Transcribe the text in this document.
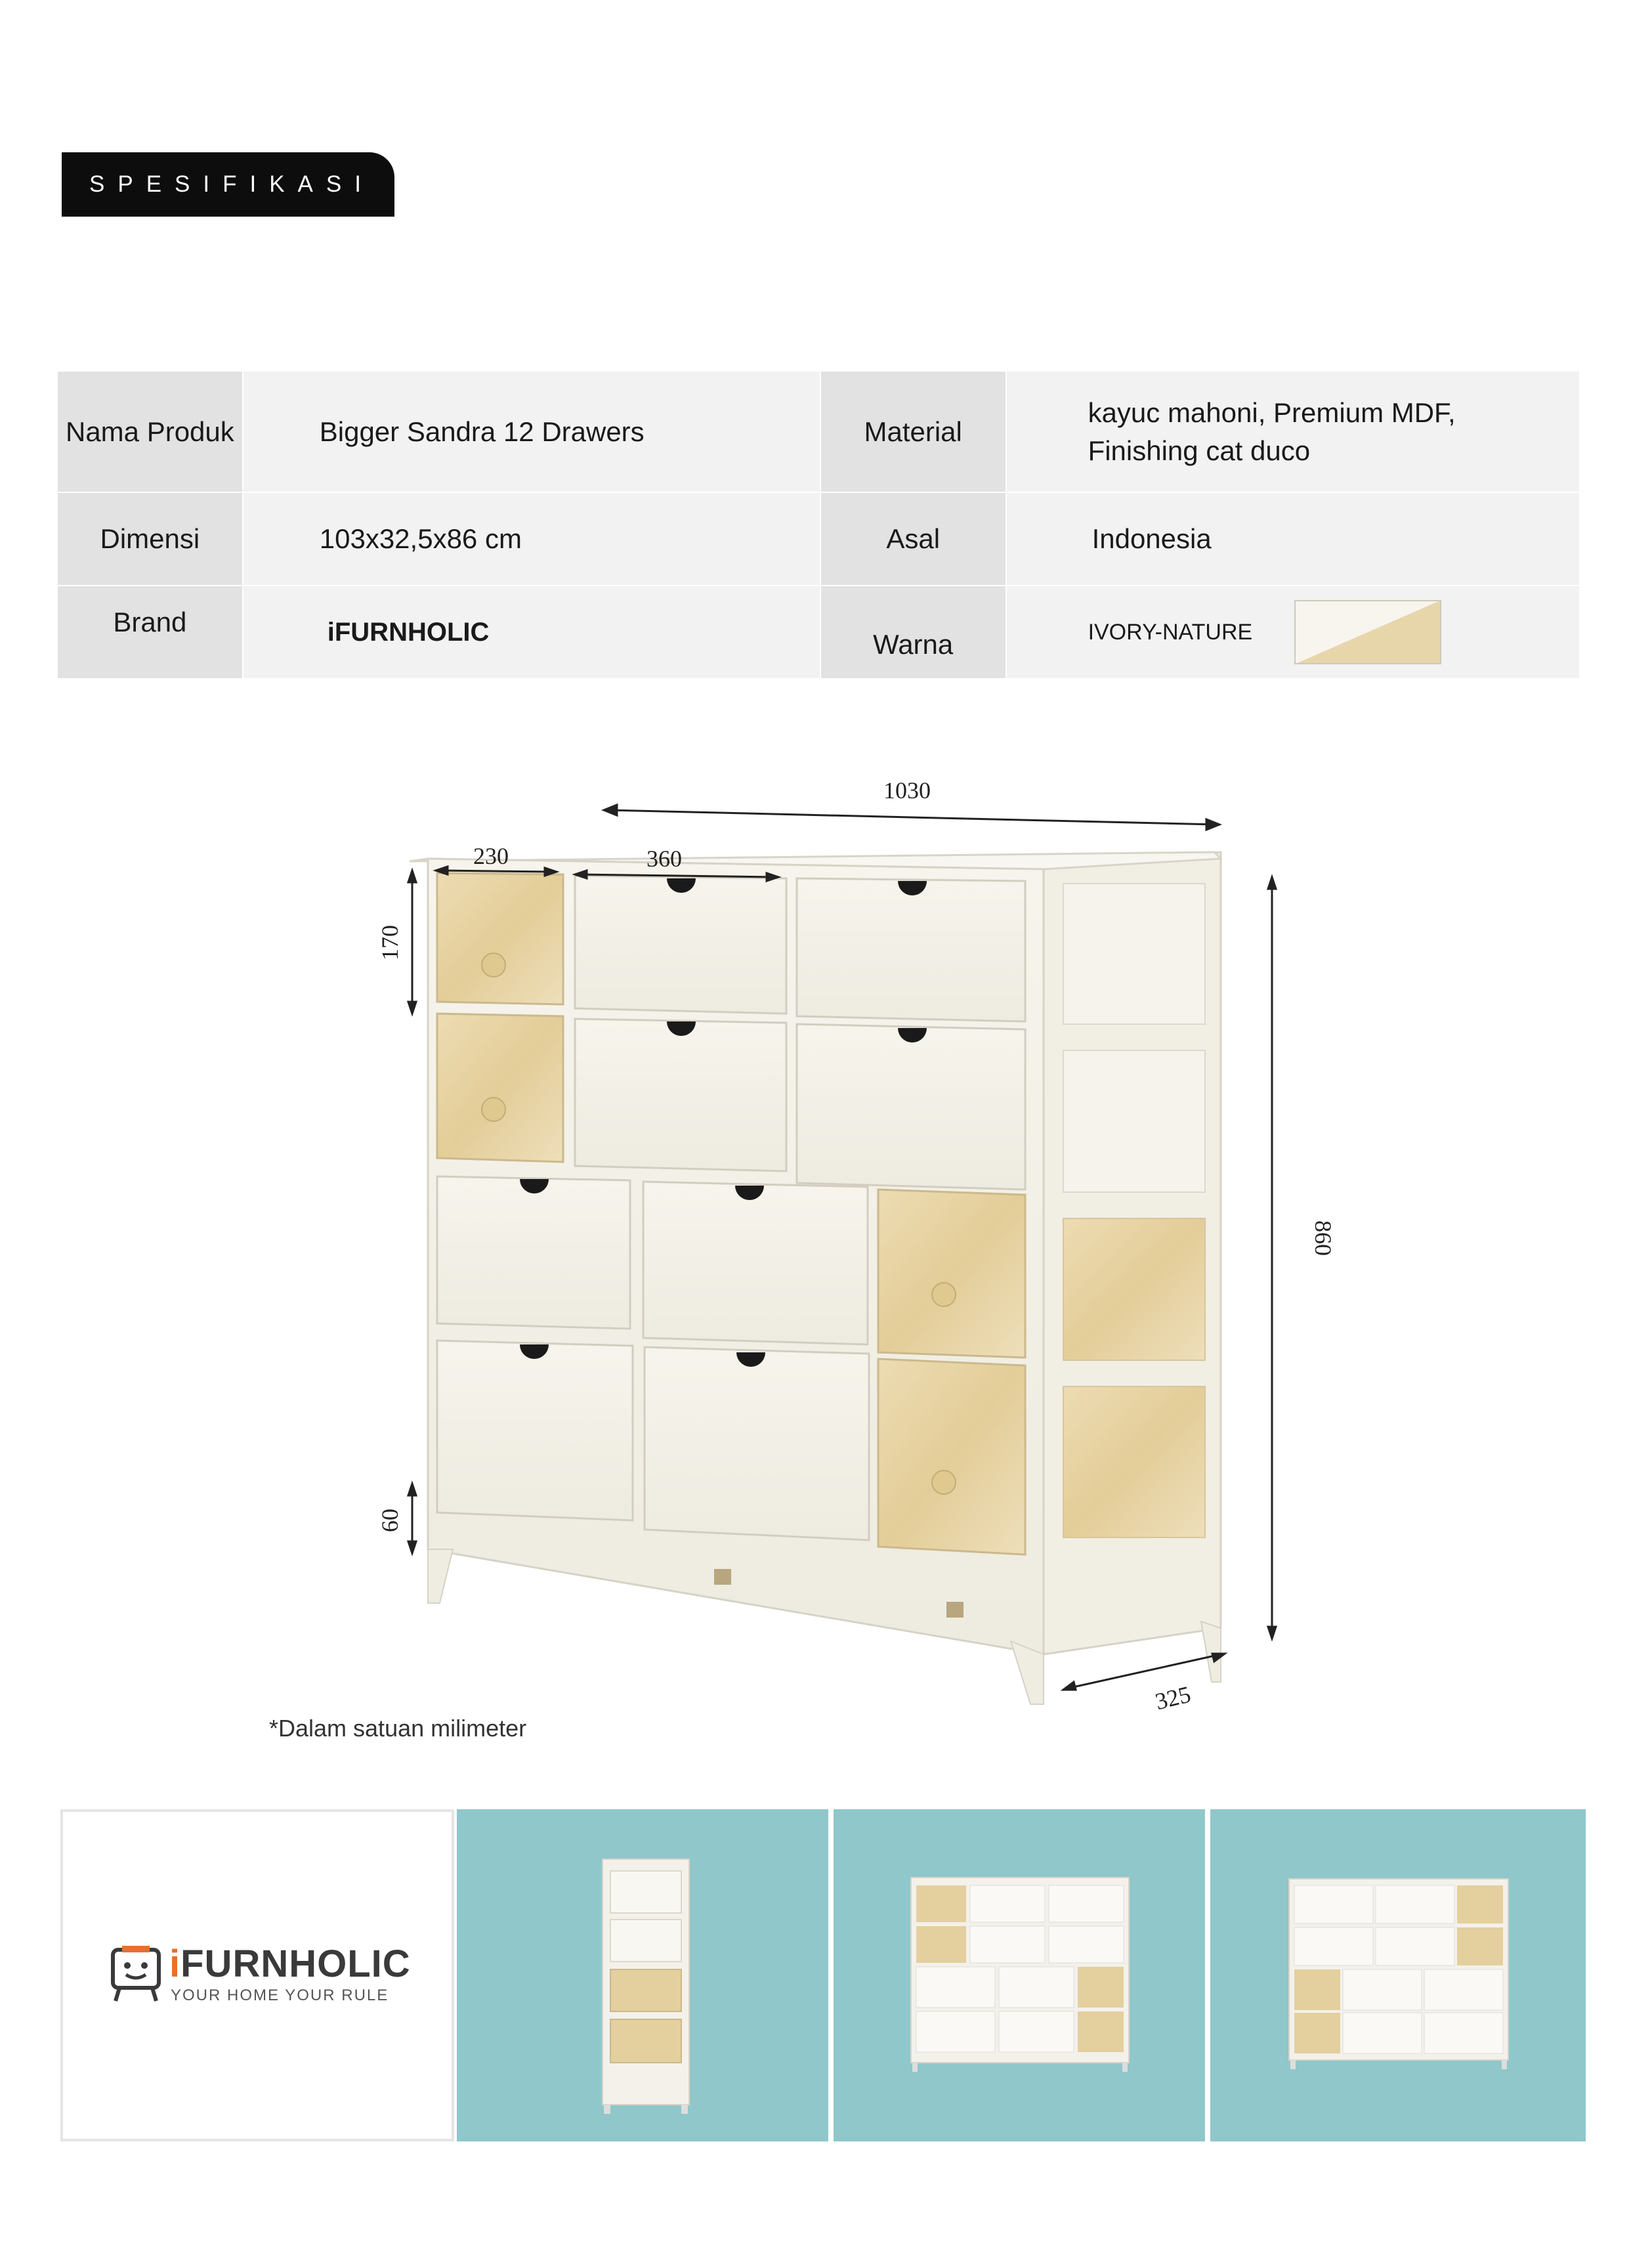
SPESIFIKASI
Nama Produk	Bigger Sandra 12 Drawers	Material	kayuc mahoni, Premium MDF,
Finishing cat duco

Dimensi	103x32,5x86 cm	Asal	Indonesia
Brand	iFURNHOLIC	Warna	IVORY-NATURE
1030
230	360
170
60
860
325
*Dalam satuan milimeter
iFURNHOLIC
YOUR HOME YOUR RULE
